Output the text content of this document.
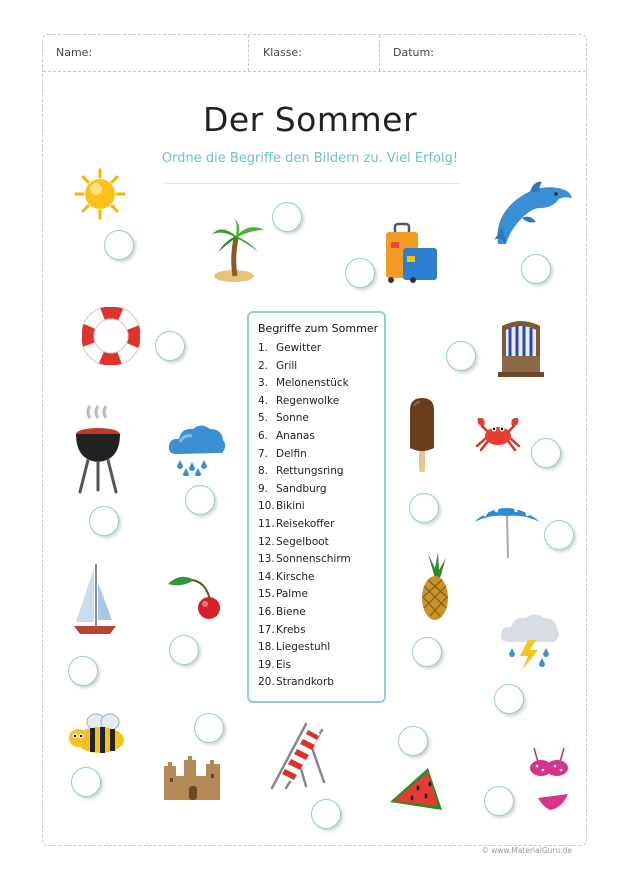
Name:	Klasse:	Datum:
Der Sommer
Ordne die Begriffe den Bildern zu. Viel Erfolg!
Begriffe zum Sommer
1. Gewitter
2. Grill
3. Melonenstück
4. Regenwolke
5. Sonne
6. Ananas
7. Delfin
8. Rettungsring
9. Sandburg
10.Bikini
11.Reisekoffer
12.Segelboot
13.Sonnenschirm
14.Kirsche
15.Palme
16.Biene
17.Krebs
18.Liegestuhl
19.Eis
20.Strandkorb
© www.MaterialGuru.de
